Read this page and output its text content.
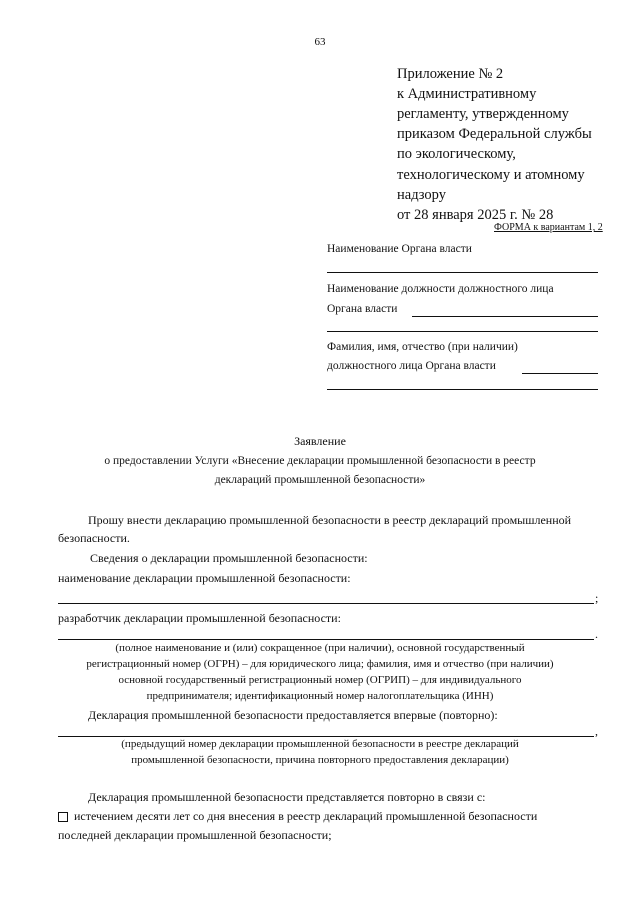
63
Приложение № 2
к Административному
регламенту, утвержденному
приказом Федеральной службы
по экологическому,
технологическому и атомному
надзору
от 28 января 2025 г. № 28
ФОРМА к вариантам 1, 2
Наименование Органа власти
Наименование должности должностного лица
Органа власти
Фамилия, имя, отчество (при наличии)
должностного лица Органа власти
Заявление
о предоставлении Услуги «Внесение декларации промышленной безопасности в реестр
деклараций промышленной безопасности»
Прошу внести декларацию промышленной безопасности в реестр деклараций промышленной
безопасности.
Сведения о декларации промышленной безопасности:
наименование декларации промышленной безопасности:
;
разработчик декларации промышленной безопасности:
.
(полное наименование и (или) сокращенное (при наличии), основной государственный
регистрационный номер (ОГРН) – для юридического лица; фамилия, имя и отчество (при наличии)
основной государственный регистрационный номер (ОГРИП) – для индивидуального
предпринимателя; идентификационный номер налогоплательщика (ИНН)
Декларация промышленной безопасности предоставляется впервые (повторно):
,
(предыдущий номер декларации промышленной безопасности в реестре деклараций
промышленной безопасности, причина повторного предоставления декларации)
Декларация промышленной безопасности представляется повторно в связи с:
истечением десяти лет со дня внесения в реестр деклараций промышленной безопасности
последней декларации промышленной безопасности;
